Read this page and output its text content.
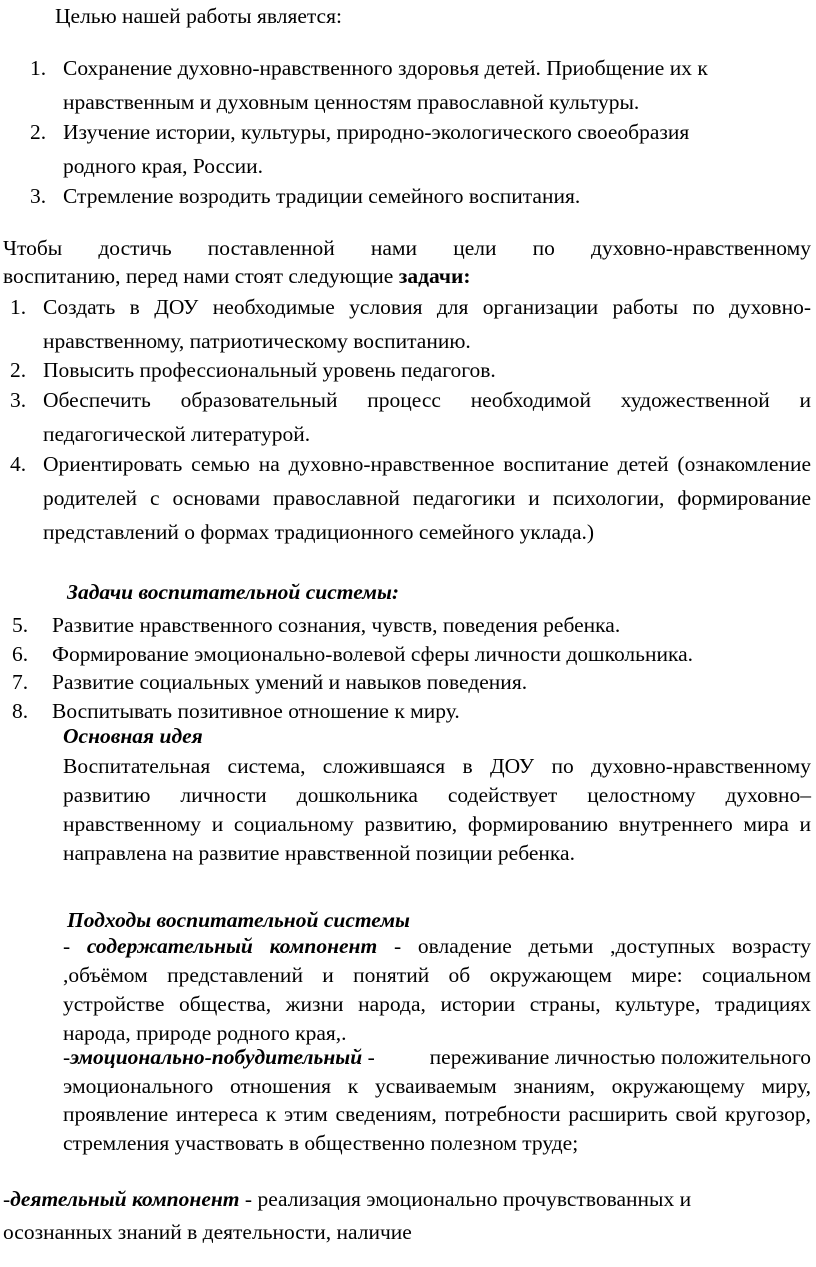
Целью нашей работы является:
1. Сохранение духовно-нравственного здоровья детей. Приобщение их к
нравственным и духовным ценностям православной культуры.
2. Изучение истории, культуры, природно-экологического своеобразия
родного края, России.
3. Стремление возродить традиции семейного воспитания.
Чтобы достичь поставленной нами цели по духовно-нравственному
воспитанию, перед нами стоят следующие задачи:
1. Создать в ДОУ необходимые условия для организации работы по духовно-нравственному, патриотическому воспитанию.
2. Повысить профессиональный уровень педагогов.
3. Обеспечить образовательный процесс необходимой художественной и педагогической литературой.
4. Ориентировать семью на духовно-нравственное воспитание детей (ознакомление родителей с основами православной педагогики и психологии, формирование представлений о формах традиционного семейного уклада.)
Задачи воспитательной системы:
5. Развитие нравственного сознания, чувств, поведения ребенка.
6. Формирование эмоционально-волевой сферы личности дошкольника.
7. Развитие социальных умений и навыков поведения.
8. Воспитывать позитивное отношение к миру.
Основная идея
Воспитательная система, сложившаяся в ДОУ по духовно-нравственному развитию личности дошкольника содействует целостному духовно–нравственному и социальному развитию, формированию внутреннего мира и направлена на развитие нравственной позиции ребенка.
Подходы воспитательной системы
- содержательный компонент - овладение детьми ,доступных возрасту ,объёмом представлений и понятий об окружающем мире: социальном устройстве общества, жизни народа, истории страны, культуре, традициях народа, природе родного края,.
-эмоционально-побудительный -          переживание личностью положительного эмоционального отношения к усваиваемым знаниям, окружающему миру, проявление интереса к этим сведениям, потребности расширить свой кругозор, стремления участвовать в общественно полезном труде;
-деятельный компонент - реализация эмоционально прочувствованных и
осознанных знаний в деятельности, наличие
